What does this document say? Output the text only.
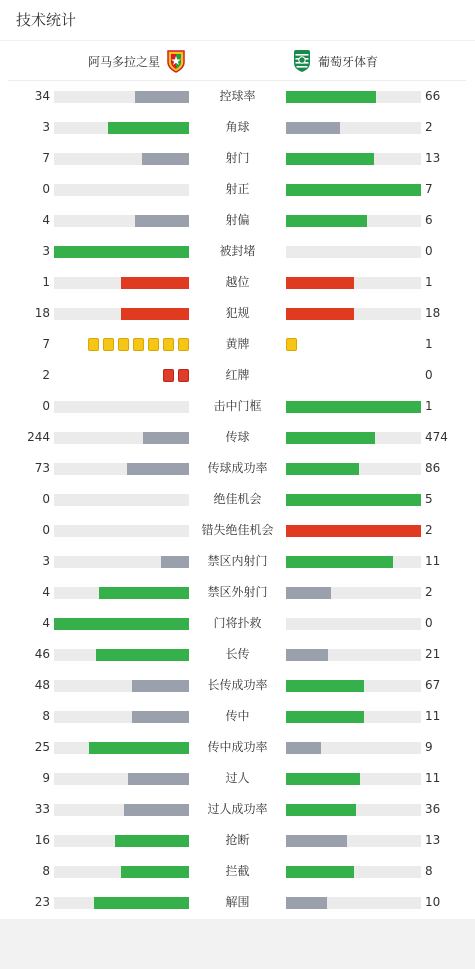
技术统计
阿马多拉之星	葡萄牙体育
34	控球率	66
3	角球	2
7	射门	13
0	射正	7
4	射偏	6
3	被封堵	0
1	越位	1
18	犯规	18
7	黄牌	1
2	红牌	0
0	击中门框	1
244	传球	474
73	传球成功率	86
0	绝佳机会	5
0	错失绝佳机会	2
3	禁区内射门	11
4	禁区外射门	2
4	门将扑救	0
46	长传	21
48	长传成功率	67
8	传中	11
25	传中成功率	9
9	过人	11
33	过人成功率	36
16	抢断	13
8	拦截	8
23	解围	10
